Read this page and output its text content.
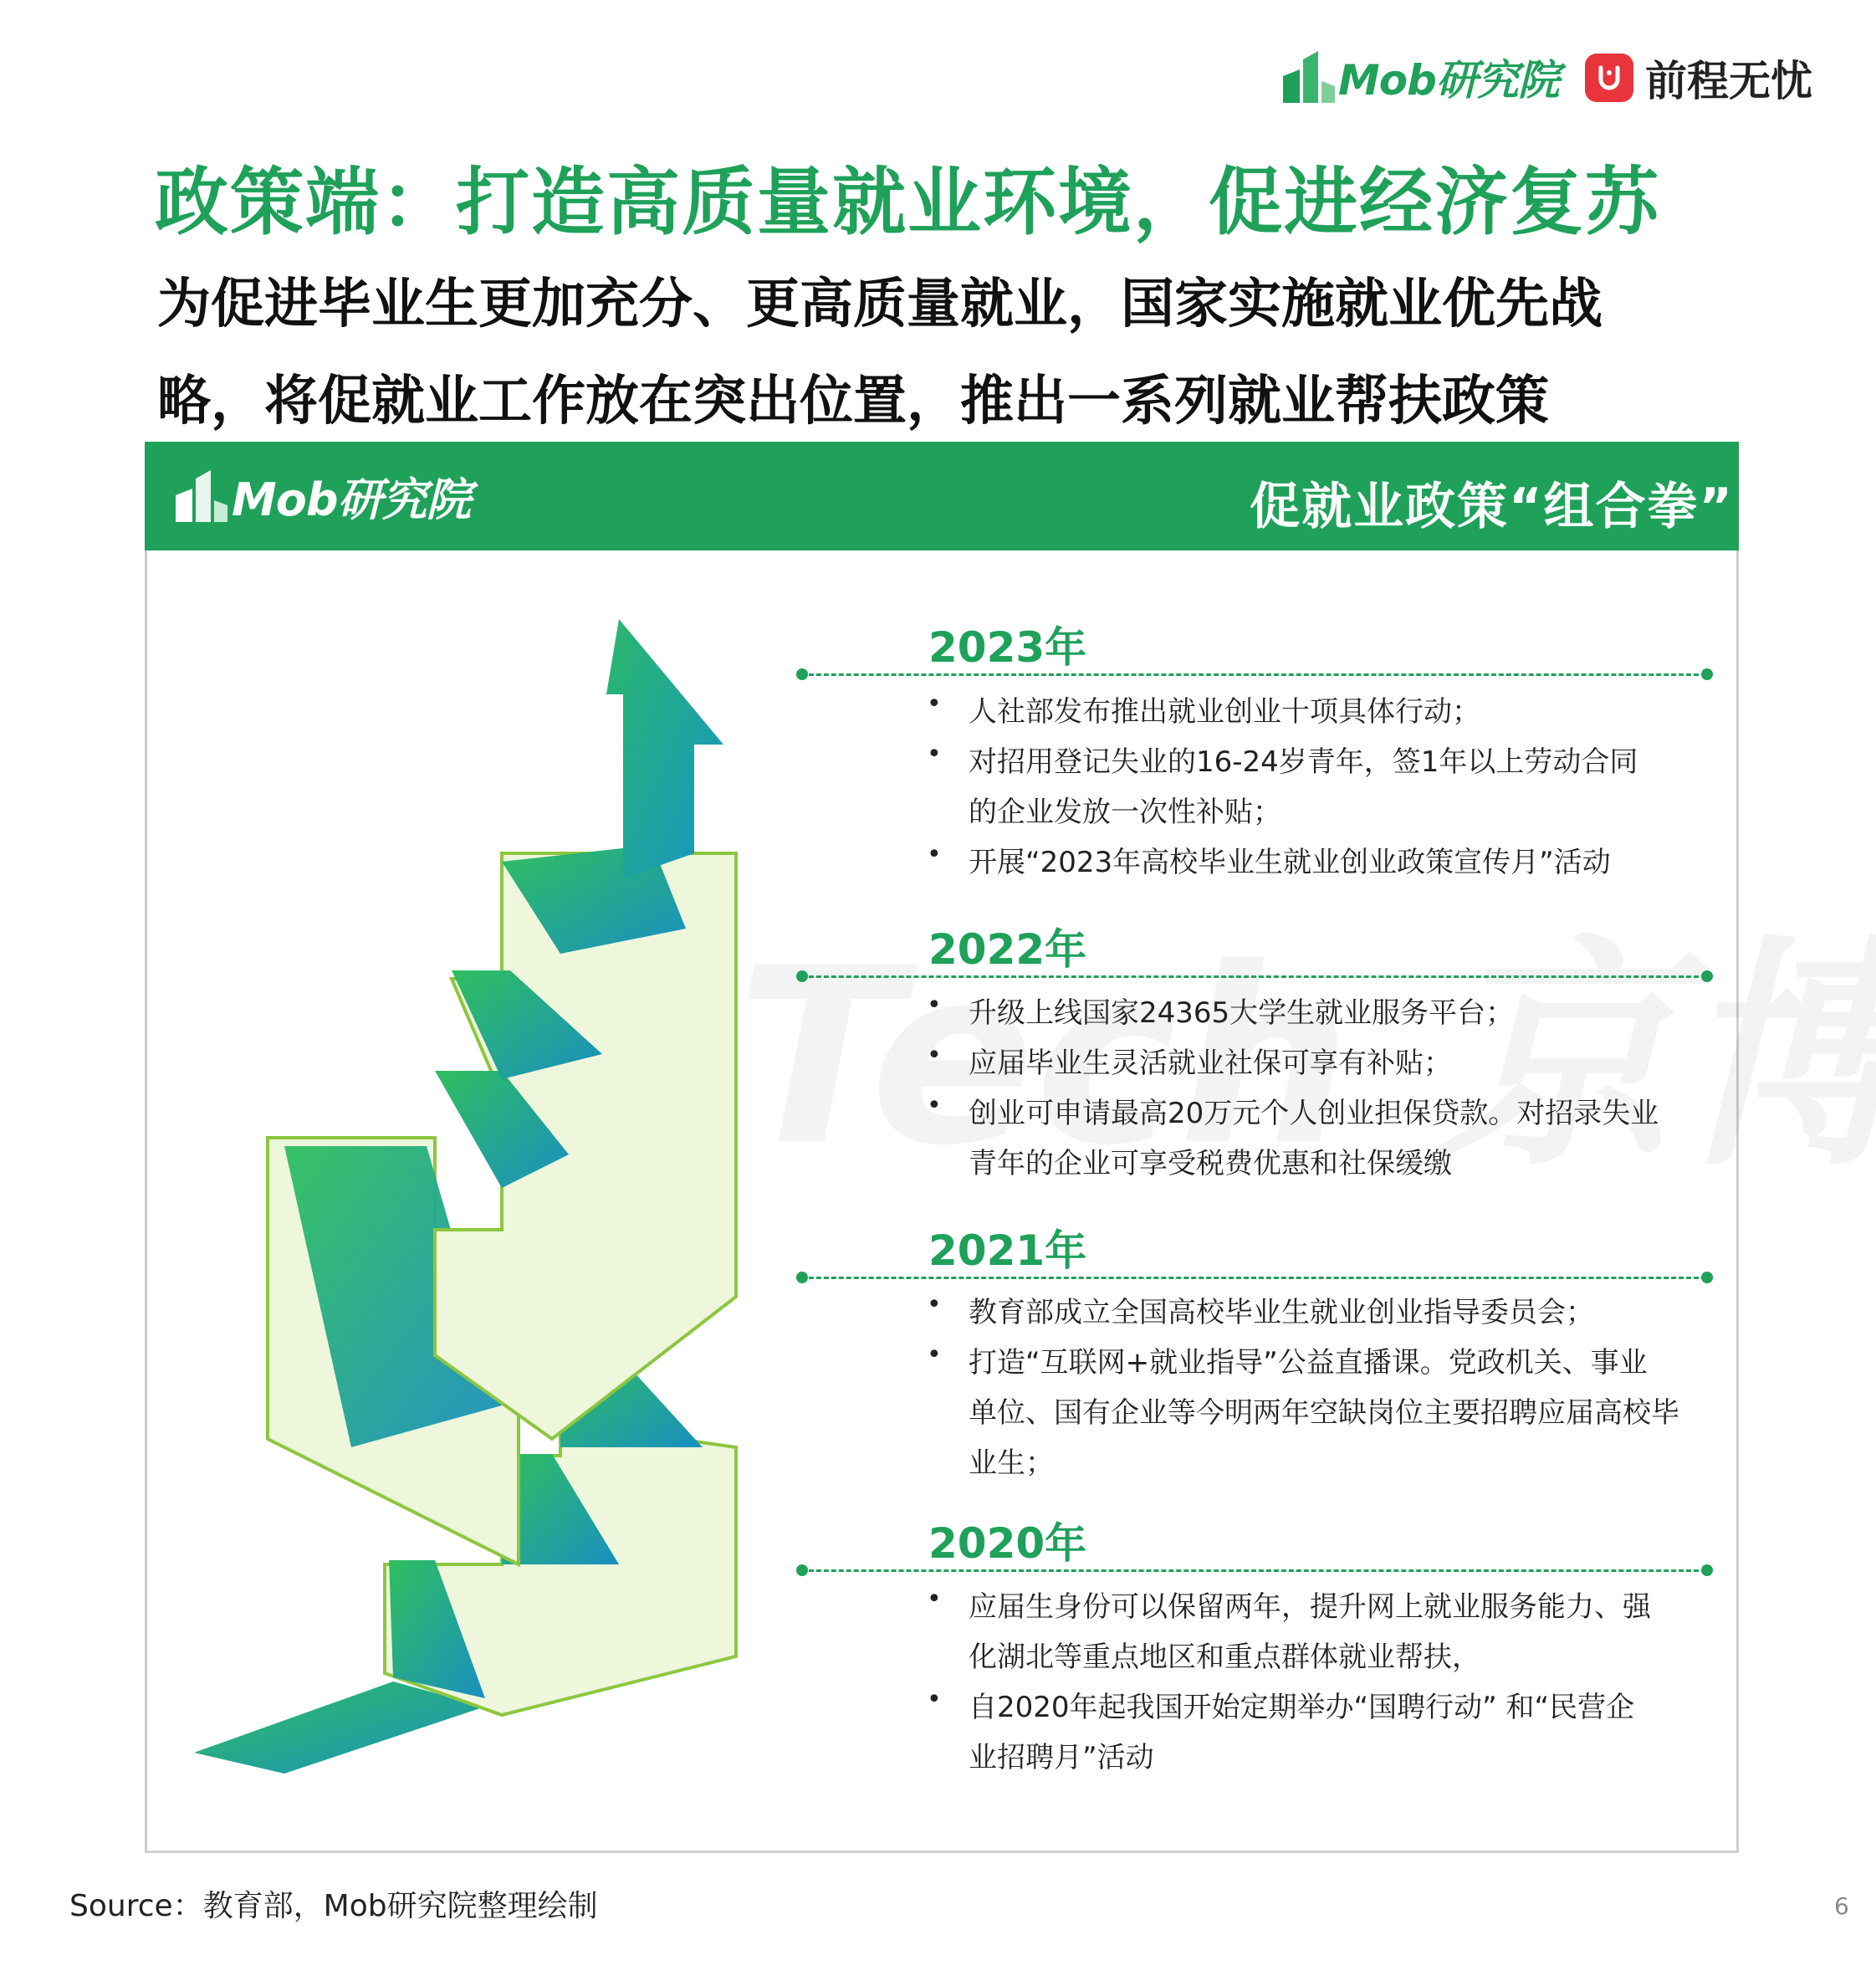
Mob研究院 前程无忧
政策端：打造高质量就业环境，促进经济复苏
为促进毕业生更加充分、更高质量就业，国家实施就业优先战
略，将促就业工作放在突出位置，推出一系列就业帮扶政策
Mob研究院	促就业政策“组合拳”
2023年
• 人社部发布推出就业创业十项具体行动；
• 对招用登记失业的16-24岁青年，签1年以上劳动合同
的企业发放一次性补贴；
• 开展“2023年高校毕业生就业创业政策宣传月”活动
2022年
• 升级上线国家24365大学生就业服务平台；
• 应届毕业生灵活就业社保可享有补贴；
• 创业可申请最高20万元个人创业担保贷款。对招录失业
青年的企业可享受税费优惠和社保缓缴
2021年
• 教育部成立全国高校毕业生就业创业指导委员会；
• 打造“互联网+就业指导”公益直播课。党政机关、事业
单位、国有企业等今明两年空缺岗位主要招聘应届高校毕
业生；
2020年
• 应届生身份可以保留两年，提升网上就业服务能力、强
化湖北等重点地区和重点群体就业帮扶，
• 自2020年起我国开始定期举办“国聘行动” 和“民营企
业招聘月”活动
Source：教育部，Mob研究院整理绘制	6
